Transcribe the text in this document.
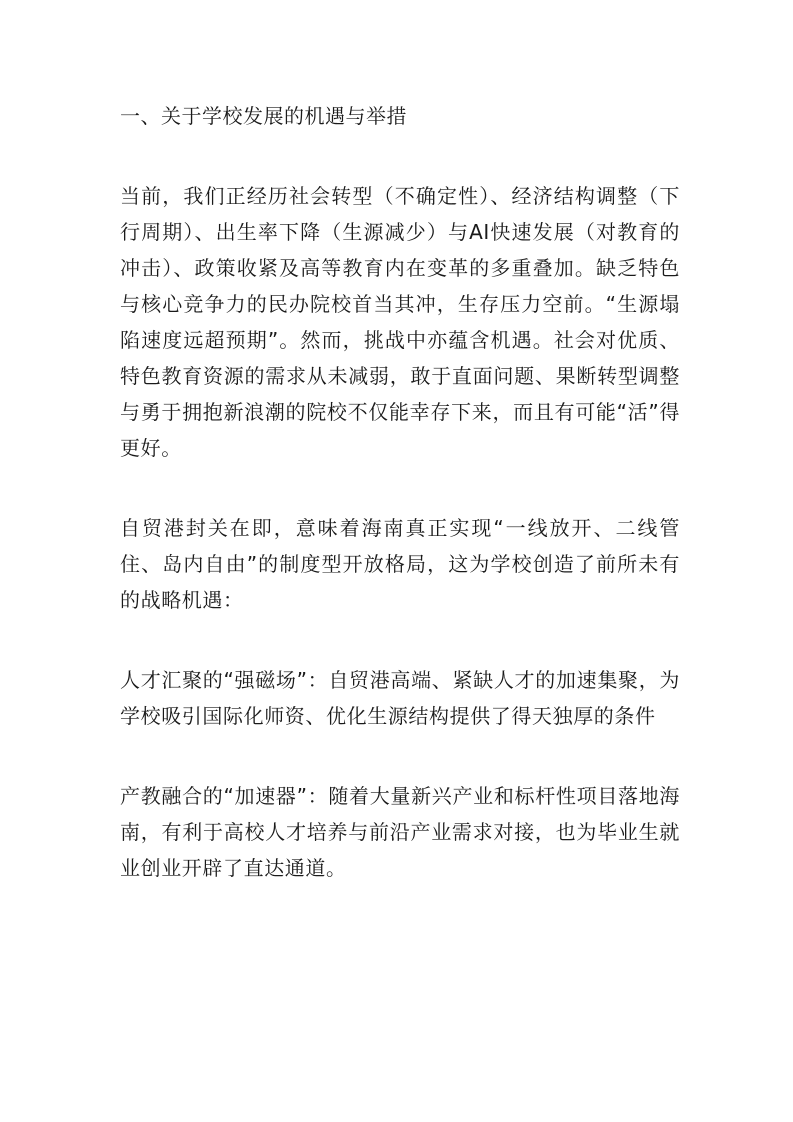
一、关于学校发展的机遇与举措

当前，我们正经历社会转型（不确定性）、经济结构调整（下行周期）、出生率下降（生源减少）与AI快速发展（对教育的冲击）、政策收紧及高等教育内在变革的多重叠加。缺乏特色与核心竞争力的民办院校首当其冲，生存压力空前。“生源塌陷速度远超预期”。然而，挑战中亦蕴含机遇。社会对优质、特色教育资源的需求从未减弱，敢于直面问题、果断转型调整与勇于拥抱新浪潮的院校不仅能幸存下来，而且有可能“活”得更好。

自贸港封关在即，意味着海南真正实现“一线放开、二线管住、岛内自由”的制度型开放格局，这为学校创造了前所未有的战略机遇：

人才汇聚的“强磁场”：自贸港高端、紧缺人才的加速集聚，为学校吸引国际化师资、优化生源结构提供了得天独厚的条件

产教融合的“加速器”：随着大量新兴产业和标杆性项目落地海南，有利于高校人才培养与前沿产业需求对接，也为毕业生就业创业开辟了直达通道。
